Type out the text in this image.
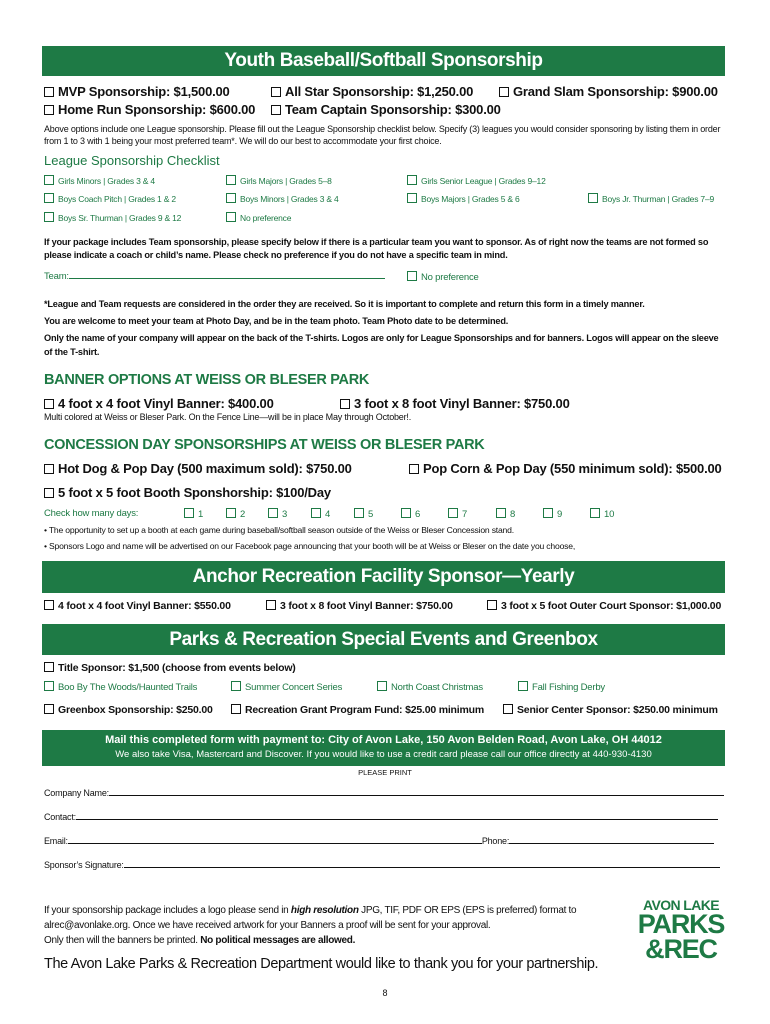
Youth Baseball/Softball Sponsorship
MVP Sponsorship: $1,500.00	All Star Sponsorship: $1,250.00	Grand Slam Sponsorship: $900.00
Home Run Sponsorship: $600.00	Team Captain Sponsorship: $300.00
Above options include one League sponsorship. Please fill out the League Sponsorship checklist below. Specify (3) leagues you would consider sponsoring by listing them in order from 1 to 3 with 1 being your most preferred team*. We will do our best to accommodate your first choice.
League Sponsorship Checklist
Girls Minors | Grades 3 & 4	Girls Majors | Grades 5–8	Girls Senior League | Grades 9–12
Boys Coach Pitch | Grades 1 & 2	Boys Minors | Grades 3 & 4	Boys Majors | Grades 5 & 6	Boys Jr. Thurman | Grades 7–9
Boys Sr. Thurman | Grades 9 & 12	No preference
If your package includes Team sponsorship, please specify below if there is a particular team you want to sponsor. As of right now the teams are not formed so please indicate a coach or child’s name. Please check no preference if you do not have a specific team in mind.
Team:	No preference
*League and Team requests are considered in the order they are received. So it is important to complete and return this form in a timely manner.
You are welcome to meet your team at Photo Day, and be in the team photo. Team Photo date to be determined.
Only the name of your company will appear on the back of the T-shirts. Logos are only for League Sponsorships and for banners. Logos will appear on the sleeve of the T-shirt.
BANNER OPTIONS AT WEISS OR BLESER PARK
4 foot x 4 foot Vinyl Banner: $400.00	3 foot x 8 foot Vinyl Banner: $750.00
Multi colored at Weiss or Bleser Park. On the Fence Line—will be in place May through October!.
CONCESSION DAY SPONSORSHIPS AT WEISS OR BLESER PARK
Hot Dog & Pop Day (500 maximum sold): $750.00	Pop Corn & Pop Day (550 minimum sold): $500.00
5 foot x 5 foot Booth Sponshorship: $100/Day
Check how many days:	1	2	3	4	5	6	7	8	9	10
• The opportunity to set up a booth at each game during baseball/softball season outside of the Weiss or Bleser Concession stand.
• Sponsors Logo and name will be advertised on our Facebook page announcing that your booth will be at Weiss or Bleser on the date you choose,
Anchor Recreation Facility Sponsor—Yearly
4 foot x 4 foot Vinyl Banner: $550.00	3 foot x 8 foot Vinyl Banner: $750.00	3 foot x 5 foot Outer Court Sponsor: $1,000.00
Parks & Recreation Special Events and Greenbox
Title Sponsor: $1,500 (choose from events below)
Boo By The Woods/Haunted Trails	Summer Concert Series	North Coast Christmas	Fall Fishing Derby
Greenbox Sponsorship: $250.00	Recreation Grant Program Fund: $25.00 minimum	Senior Center Sponsor: $250.00 minimum
Mail this completed form with payment to: City of Avon Lake, 150 Avon Belden Road, Avon Lake, OH 44012
We also take Visa, Mastercard and Discover. If you would like to use a credit card please call our office directly at 440-930-4130
PLEASE PRINT
Company Name:
Contact:
Email:	Phone:
Sponsor’s Signature:
If your sponsorship package includes a logo please send in high resolution JPG, TIF, PDF OR EPS (EPS is preferred) format to
alrec@avonlake.org. Once we have received artwork for your Banners a proof will be sent for your approval.
Only then will the banners be printed. No political messages are allowed.
The Avon Lake Parks & Recreation Department would like to thank you for your partnership.
8
AVON LAKE
PARKS
&REC
